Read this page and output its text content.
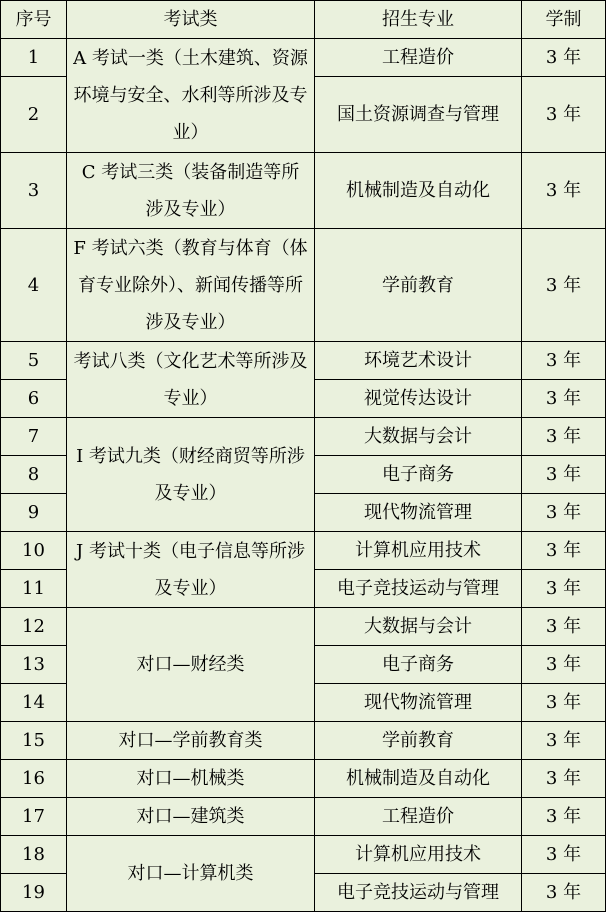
序号	考试类	招生专业	学制
1	A 考试一类（土木建筑、资源环境与安全、水利等所涉及专业）	工程造价	3 年
2		国土资源调查与管理	3 年
3	C 考试三类（装备制造等所涉及专业）	机械制造及自动化	3 年
4	F 考试六类（教育与体育（体育专业除外）、新闻传播等所涉及专业）	学前教育	3 年
5	考试八类（文化艺术等所涉及专业）	环境艺术设计	3 年
6		视觉传达设计	3 年
7	I 考试九类（财经商贸等所涉及专业）	大数据与会计	3 年
8		电子商务	3 年
9		现代物流管理	3 年
10	J 考试十类（电子信息等所涉及专业）	计算机应用技术	3 年
11		电子竞技运动与管理	3 年
12	对口—财经类	大数据与会计	3 年
13		电子商务	3 年
14		现代物流管理	3 年
15	对口—学前教育类	学前教育	3 年
16	对口—机械类	机械制造及自动化	3 年
17	对口—建筑类	工程造价	3 年
18	对口—计算机类	计算机应用技术	3 年
19		电子竞技运动与管理	3 年
